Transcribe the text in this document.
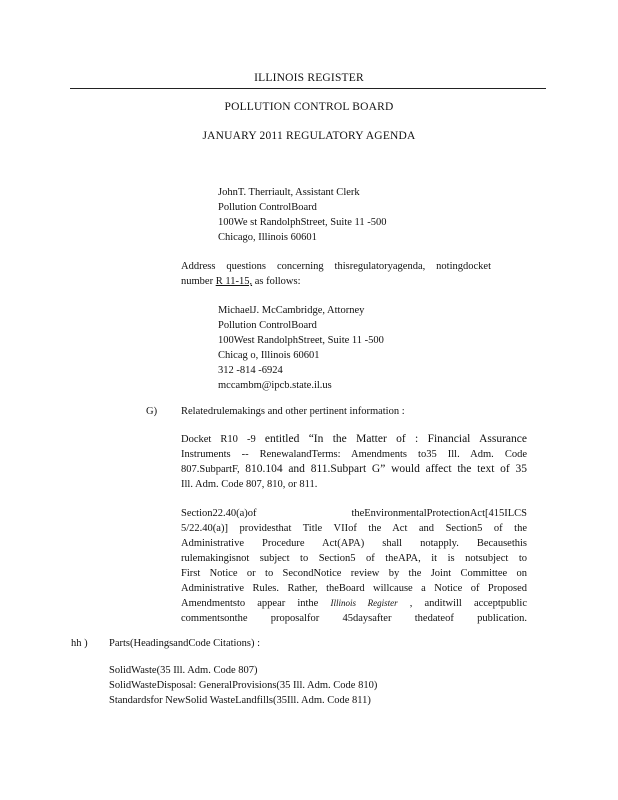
ILLINOIS REGISTER
POLLUTION CONTROL BOARD
JANUARY 2011 REGULATORY AGENDA
JohnT. Therriault, Assistant Clerk
Pollution ControlBoard
100We st RandolphStreet, Suite 11 -500
Chicago, Illinois 60601
Address questions concerning thisregulatoryagenda, notingdocket
number R 11-15, as follows:
MichaelJ. McCambridge, Attorney
Pollution ControlBoard
100West RandolphStreet, Suite 11 -500
Chicag o, Illinois 60601
312 -814 -6924
mccambm@ipcb.state.il.us
G) Relatedrulemakings and other pertinent information :
Docket R10 -9 entitled “In the Matter of : Financial Assurance
Instruments -- RenewalandTerms: Amendments to35 Ill. Adm. Code
807.SubpartF, 810.104 and 811.Subpart G” would affect the text of 35
Ill. Adm. Code 807, 810, or 811.
Section22.40(a)of theEnvironmentalProtectionAct[415ILCS
5/22.40(a)] providesthat Title VIIof the Act and Section5 of the
Administrative Procedure Act(APA) shall notapply. Becausethis
rulemakingisnot subject to Section5 of theAPA, it is notsubject to
First Notice or to SecondNotice review by the Joint Committee on
Administrative Rules. Rather, theBoard willcause a Notice of Proposed
Amendmentsto appear inthe Illinois Register , anditwill acceptpublic
commentsonthe proposalfor 45daysafter thedateof publication.
hh ) Parts(HeadingsandCode Citations) :
SolidWaste(35 Ill. Adm. Code 807)
SolidWasteDisposal: GeneralProvisions(35 Ill. Adm. Code 810)
Standardsfor NewSolid WasteLandfills(35Ill. Adm. Code 811)
